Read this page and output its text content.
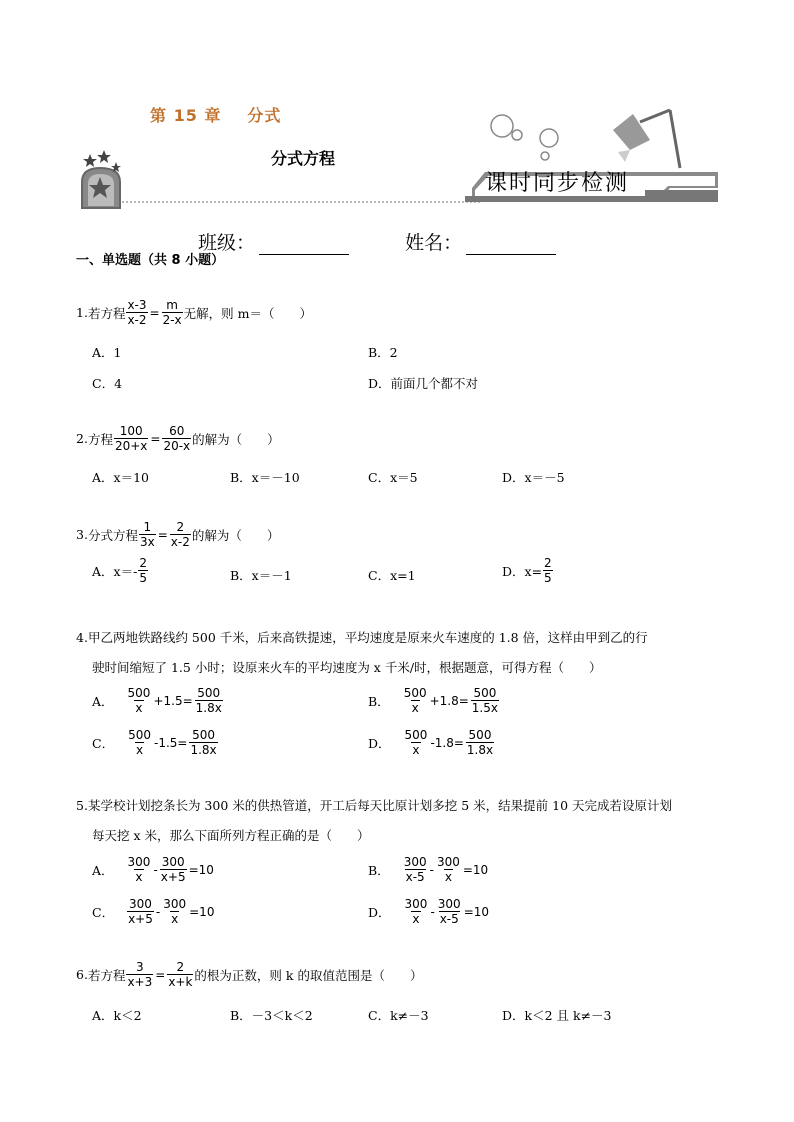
第 15 章 分式
分式方程
课时同步检测
班级：	姓名：
一、单选题（共 8 小题）
1. 若方程 $\frac{x-3}{x-2} = \frac{m}{2-x}$ 无解，则 m＝（　　）
A．1	B．2
C．4	D．前面几个都不对
2. 方程 $\frac{100}{20+x} = \frac{60}{20-x}$ 的解为（　　）
A．x＝10	B．x＝－10	C．x＝5	D．x＝－5
3. 分式方程 $\frac{1}{3x} = \frac{2}{x-2}$ 的解为（　　）
A．$x=- \frac{2}{5}$	B．x＝－1	C．x=1	D．$x= \frac{2}{5}$
4.甲乙两地铁路线约 500 千米，后来高铁提速，平均速度是原来火车速度的 1.8 倍，这样由甲到乙的行
驶时间缩短了 1.5 小时；设原来火车的平均速度为 x 千米/时，根据题意，可得方程（　　）
A． $\frac{500}{x} +1.5= \frac{500}{1.8x}$	B． $\frac{500}{x} +1.8= \frac{500}{1.5x}$
C． $\frac{500}{x} -1.5= \frac{500}{1.8x}$	D． $\frac{500}{x} -1.8= \frac{500}{1.8x}$
5.某学校计划挖条长为 300 米的供热管道，开工后每天比原计划多挖 5 米，结果提前 10 天完成若设原计划
每天挖 x 米，那么下面所列方程正确的是（　　）
A． $\frac{300}{x} - \frac{300}{x+5} =10$	B． $\frac{300}{x-5} - \frac{300}{x} =10$
C． $\frac{300}{x+5} - \frac{300}{x} =10$	D． $\frac{300}{x} - \frac{300}{x-5} =10$
6. 若方程 $\frac{3}{x+3} = \frac{2}{x+k}$ 的根为正数，则 k 的取值范围是（　　）
A．k＜2	B．－3＜k＜2	C．k≠－3	D．k＜2 且 k≠－3
